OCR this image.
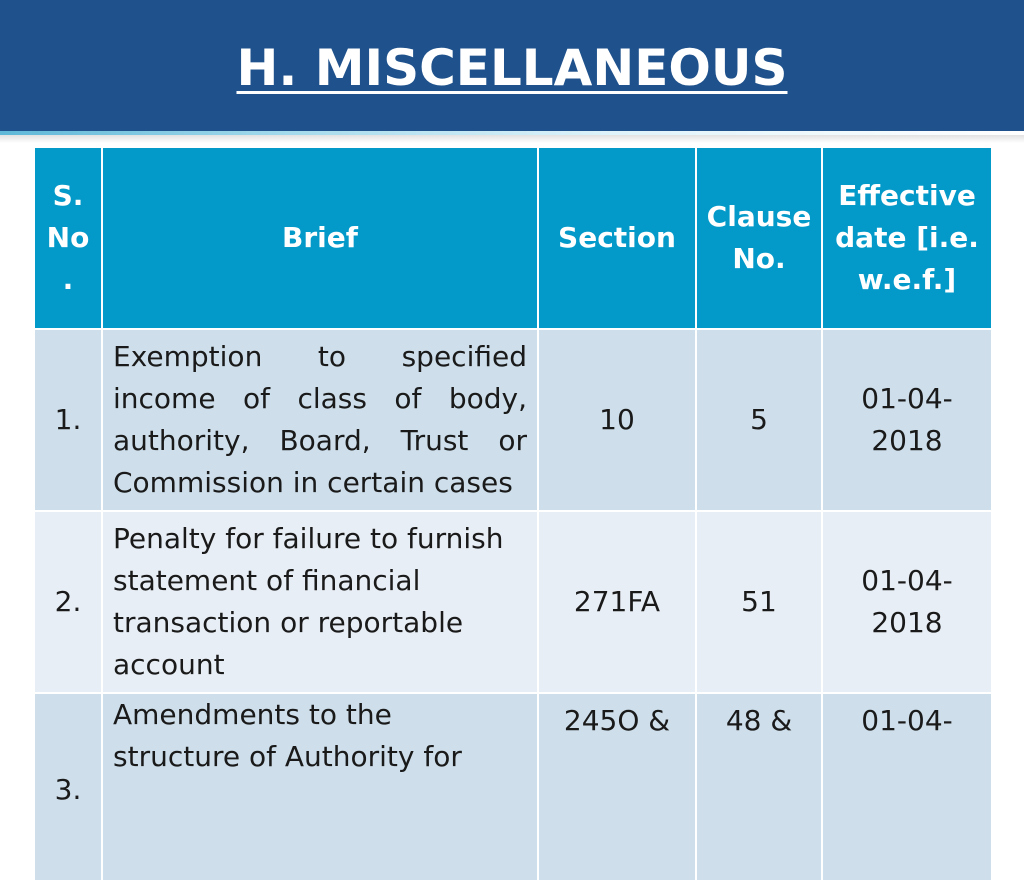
H. MISCELLANEOUS
S. No .	Brief	Section	Clause No.	Effective date [i.e. w.e.f.]
1.	Exemption to specified income of class of body, authority, Board, Trust or Commission in certain cases	10	5	01-04-2018
2.	Penalty for failure to furnish statement of financial transaction or reportable account	271FA	51	01-04-2018
3.	Amendments to the structure of Authority for	245O &	48 &	01-04-
